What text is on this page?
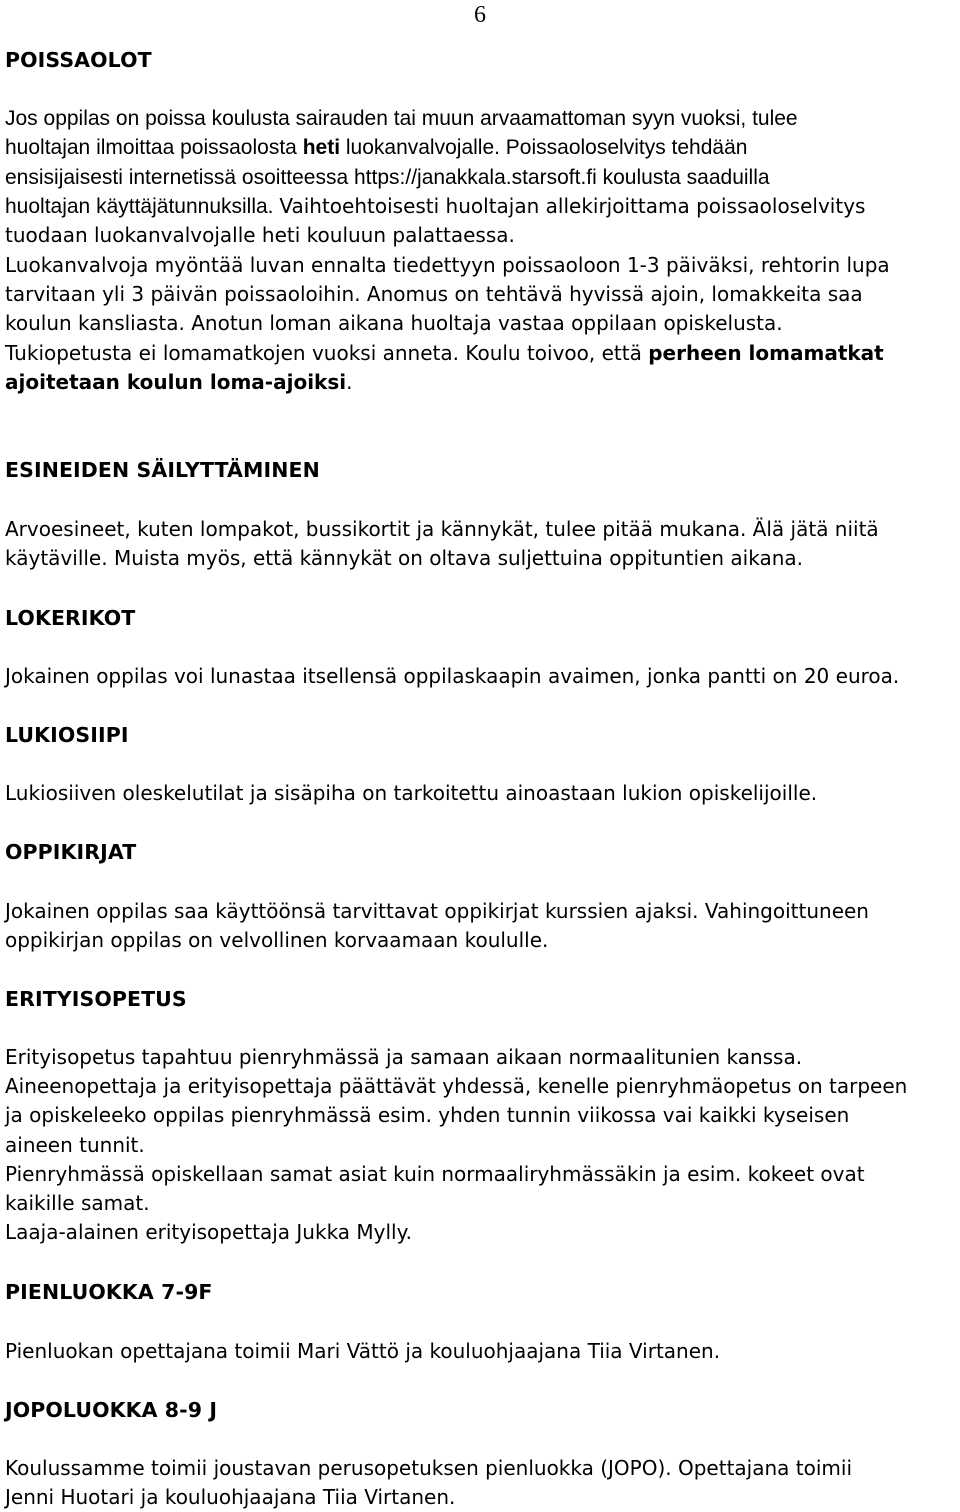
6
POISSAOLOT

Jos oppilas on poissa koulusta sairauden tai muun arvaamattoman syyn vuoksi, tulee
huoltajan ilmoittaa poissaolosta heti luokanvalvojalle. Poissaoloselvitys tehdään
ensisijaisesti internetissä osoitteessa https://janakkala.starsoft.fi koulusta saaduilla
huoltajan käyttäjätunnuksilla. Vaihtoehtoisesti huoltajan allekirjoittama poissaoloselvitys
tuodaan luokanvalvojalle heti kouluun palattaessa.

Luokanvalvoja myöntää luvan ennalta tiedettyyn poissaoloon 1-3 päiväksi, rehtorin lupa
tarvitaan yli 3 päivän poissaoloihin. Anomus on tehtävä hyvissä ajoin, lomakkeita saa
koulun kansliasta. Anotun loman aikana huoltaja vastaa oppilaan opiskelusta.
Tukiopetusta ei lomamatkojen vuoksi anneta. Koulu toivoo, että perheen lomamatkat
ajoitetaan koulun loma-ajoiksi.

ESINEIDEN SÄILYTTÄMINEN

Arvoesineet, kuten lompakot, bussikortit ja kännykät, tulee pitää mukana. Älä jätä niitä
käytäville. Muista myös, että kännykät on oltava suljettuina oppituntien aikana.

LOKERIKOT

Jokainen oppilas voi lunastaa itsellensä oppilaskaapin avaimen, jonka pantti on 20 euroa.

LUKIOSIIPI

Lukiosiiven oleskelutilat ja sisäpiha on tarkoitettu ainoastaan lukion opiskelijoille.

OPPIKIRJAT

Jokainen oppilas saa käyttöönsä tarvittavat oppikirjat kurssien ajaksi. Vahingoittuneen
oppikirjan oppilas on velvollinen korvaamaan koululle.

ERITYISOPETUS

Erityisopetus tapahtuu pienryhmässä ja samaan aikaan normaalitunien kanssa.
Aineenopettaja ja erityisopettaja päättävät yhdessä, kenelle pienryhmäopetus on tarpeen
ja opiskeleeko oppilas pienryhmässä esim. yhden tunnin viikossa vai kaikki kyseisen
aineen tunnit.
Pienryhmässä opiskellaan samat asiat kuin normaaliryhmässäkin ja esim. kokeet ovat
kaikille samat.
Laaja-alainen erityisopettaja Jukka Mylly.

PIENLUOKKA 7-9F

Pienluokan opettajana toimii Mari Vättö ja kouluohjaajana Tiia Virtanen.

JOPOLUOKKA 8-9 J

Koulussamme toimii joustavan perusopetuksen pienluokka (JOPO). Opettajana toimii
Jenni Huotari ja kouluohjaajana Tiia Virtanen.
